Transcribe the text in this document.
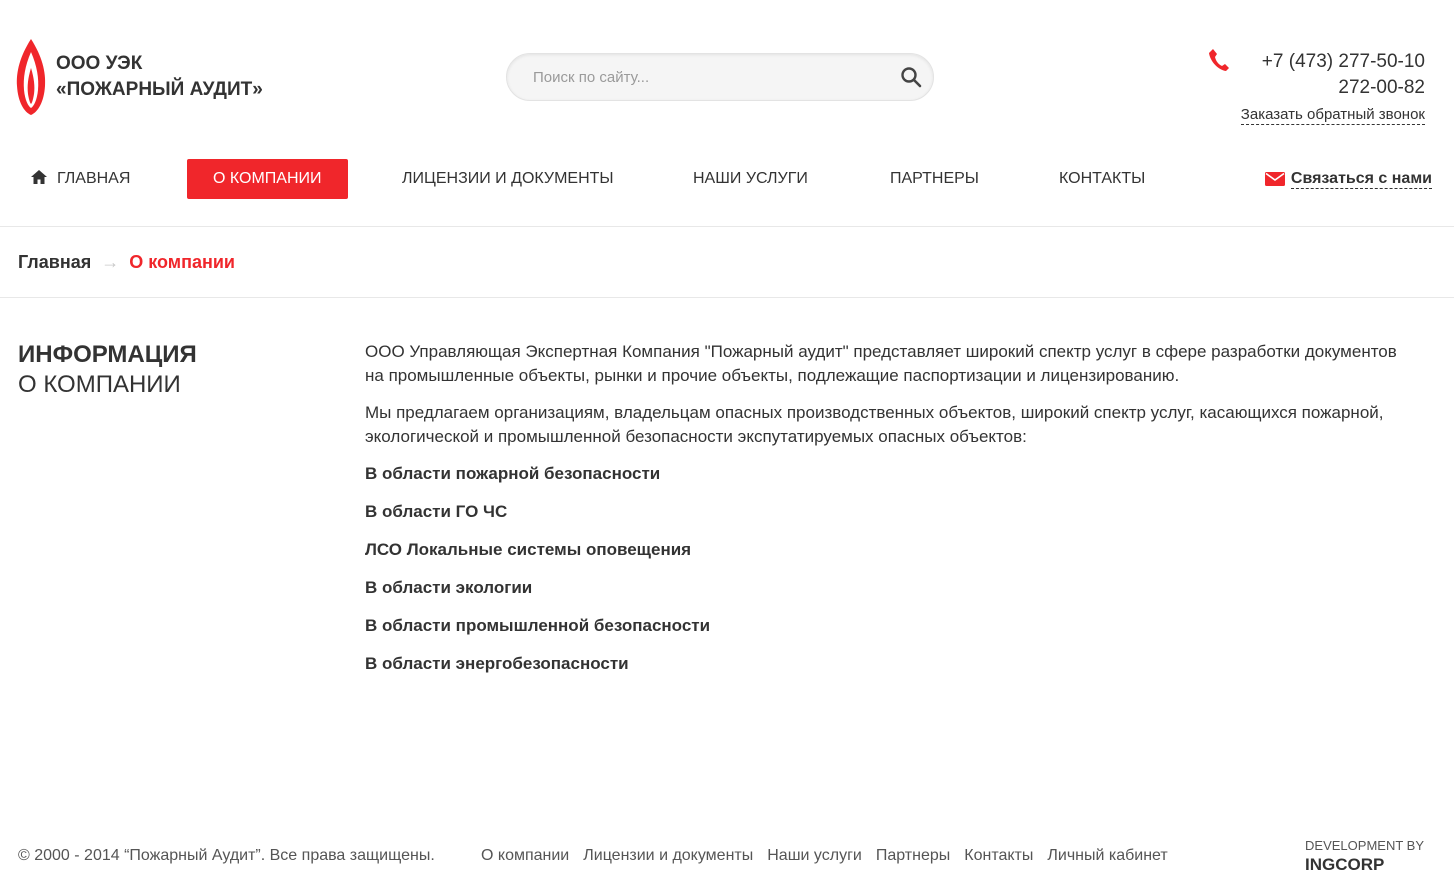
ООО УЭК
«ПОЖАРНЫЙ АУДИТ»
Поиск по сайту...
+7 (473) 277-50-10
272-00-82
Заказать обратный звонок
ГЛАВНАЯ	О КОМПАНИИ	ЛИЦЕНЗИИ И ДОКУМЕНТЫ	НАШИ УСЛУГИ	ПАРТНЕРЫ	КОНТАКТЫ	Связаться с нами
Главная → О компании
ИНФОРМАЦИЯ
О КОМПАНИИ

ООО Управляющая Экспертная Компания "Пожарный аудит" представляет широкий спектр услуг в сфере разработки документов на промышленные объекты, рынки и прочие объекты, подлежащие паспортизации и лицензированию.

Мы предлагаем организациям, владельцам опасных производственных объектов, широкий спектр услуг, касающихся пожарной, экологической и промышленной безопасности экспутатируемых опасных объектов:

В области пожарной безопасности
В области ГО ЧС
ЛСО Локальные системы оповещения
В области экологии
В области промышленной безопасности
В области энергобезопасности
© 2000 - 2014 “Пожарный Аудит”. Все права защищены.	О компании Лицензии и документы Наши услуги Партнеры Контакты Личный кабинет
DEVELOPMENT BY
INGCORP
